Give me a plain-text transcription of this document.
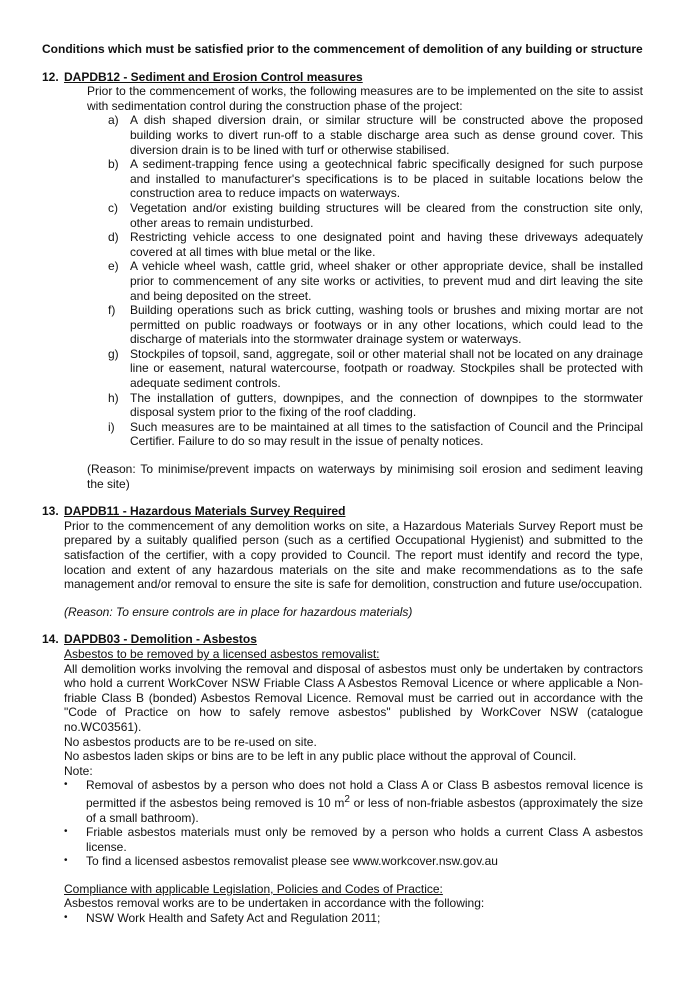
Conditions which must be satisfied prior to the commencement of demolition of any building or structure

12. DAPDB12 - Sediment and Erosion Control measures

Prior to the commencement of works, the following measures are to be implemented on the site to assist with sedimentation control during the construction phase of the project:

a) A dish shaped diversion drain, or similar structure will be constructed above the proposed building works to divert run-off to a stable discharge area such as dense ground cover. This diversion drain is to be lined with turf or otherwise stabilised.
b) A sediment-trapping fence using a geotechnical fabric specifically designed for such purpose and installed to manufacturer's specifications is to be placed in suitable locations below the construction area to reduce impacts on waterways.
c) Vegetation and/or existing building structures will be cleared from the construction site only, other areas to remain undisturbed.
d) Restricting vehicle access to one designated point and having these driveways adequately covered at all times with blue metal or the like.
e) A vehicle wheel wash, cattle grid, wheel shaker or other appropriate device, shall be installed prior to commencement of any site works or activities, to prevent mud and dirt leaving the site and being deposited on the street.
f) Building operations such as brick cutting, washing tools or brushes and mixing mortar are not permitted on public roadways or footways or in any other locations, which could lead to the discharge of materials into the stormwater drainage system or waterways.
g) Stockpiles of topsoil, sand, aggregate, soil or other material shall not be located on any drainage line or easement, natural watercourse, footpath or roadway. Stockpiles shall be protected with adequate sediment controls.
h) The installation of gutters, downpipes, and the connection of downpipes to the stormwater disposal system prior to the fixing of the roof cladding.
i) Such measures are to be maintained at all times to the satisfaction of Council and the Principal Certifier. Failure to do so may result in the issue of penalty notices.

(Reason: To minimise/prevent impacts on waterways by minimising soil erosion and sediment leaving the site)

13. DAPDB11 - Hazardous Materials Survey Required

Prior to the commencement of any demolition works on site, a Hazardous Materials Survey Report must be prepared by a suitably qualified person (such as a certified Occupational Hygienist) and submitted to the satisfaction of the certifier, with a copy provided to Council. The report must identify and record the type, location and extent of any hazardous materials on the site and make recommendations as to the safe management and/or removal to ensure the site is safe for demolition, construction and future use/occupation.

(Reason: To ensure controls are in place for hazardous materials)

14. DAPDB03 - Demolition - Asbestos

Asbestos to be removed by a licensed asbestos removalist:

All demolition works involving the removal and disposal of asbestos must only be undertaken by contractors who hold a current WorkCover NSW Friable Class A Asbestos Removal Licence or where applicable a Non-friable Class B (bonded) Asbestos Removal Licence. Removal must be carried out in accordance with the "Code of Practice on how to safely remove asbestos" published by WorkCover NSW (catalogue no.WC03561).

No asbestos products are to be re-used on site.

No asbestos laden skips or bins are to be left in any public place without the approval of Council.

Note:

• Removal of asbestos by a person who does not hold a Class A or Class B asbestos removal licence is permitted if the asbestos being removed is 10 $m^2$ or less of non-friable asbestos (approximately the size of a small bathroom).
• Friable asbestos materials must only be removed by a person who holds a current Class A asbestos license.
• To find a licensed asbestos removalist please see www.workcover.nsw.gov.au

Compliance with applicable Legislation, Policies and Codes of Practice:

Asbestos removal works are to be undertaken in accordance with the following:

• NSW Work Health and Safety Act and Regulation 2011;
